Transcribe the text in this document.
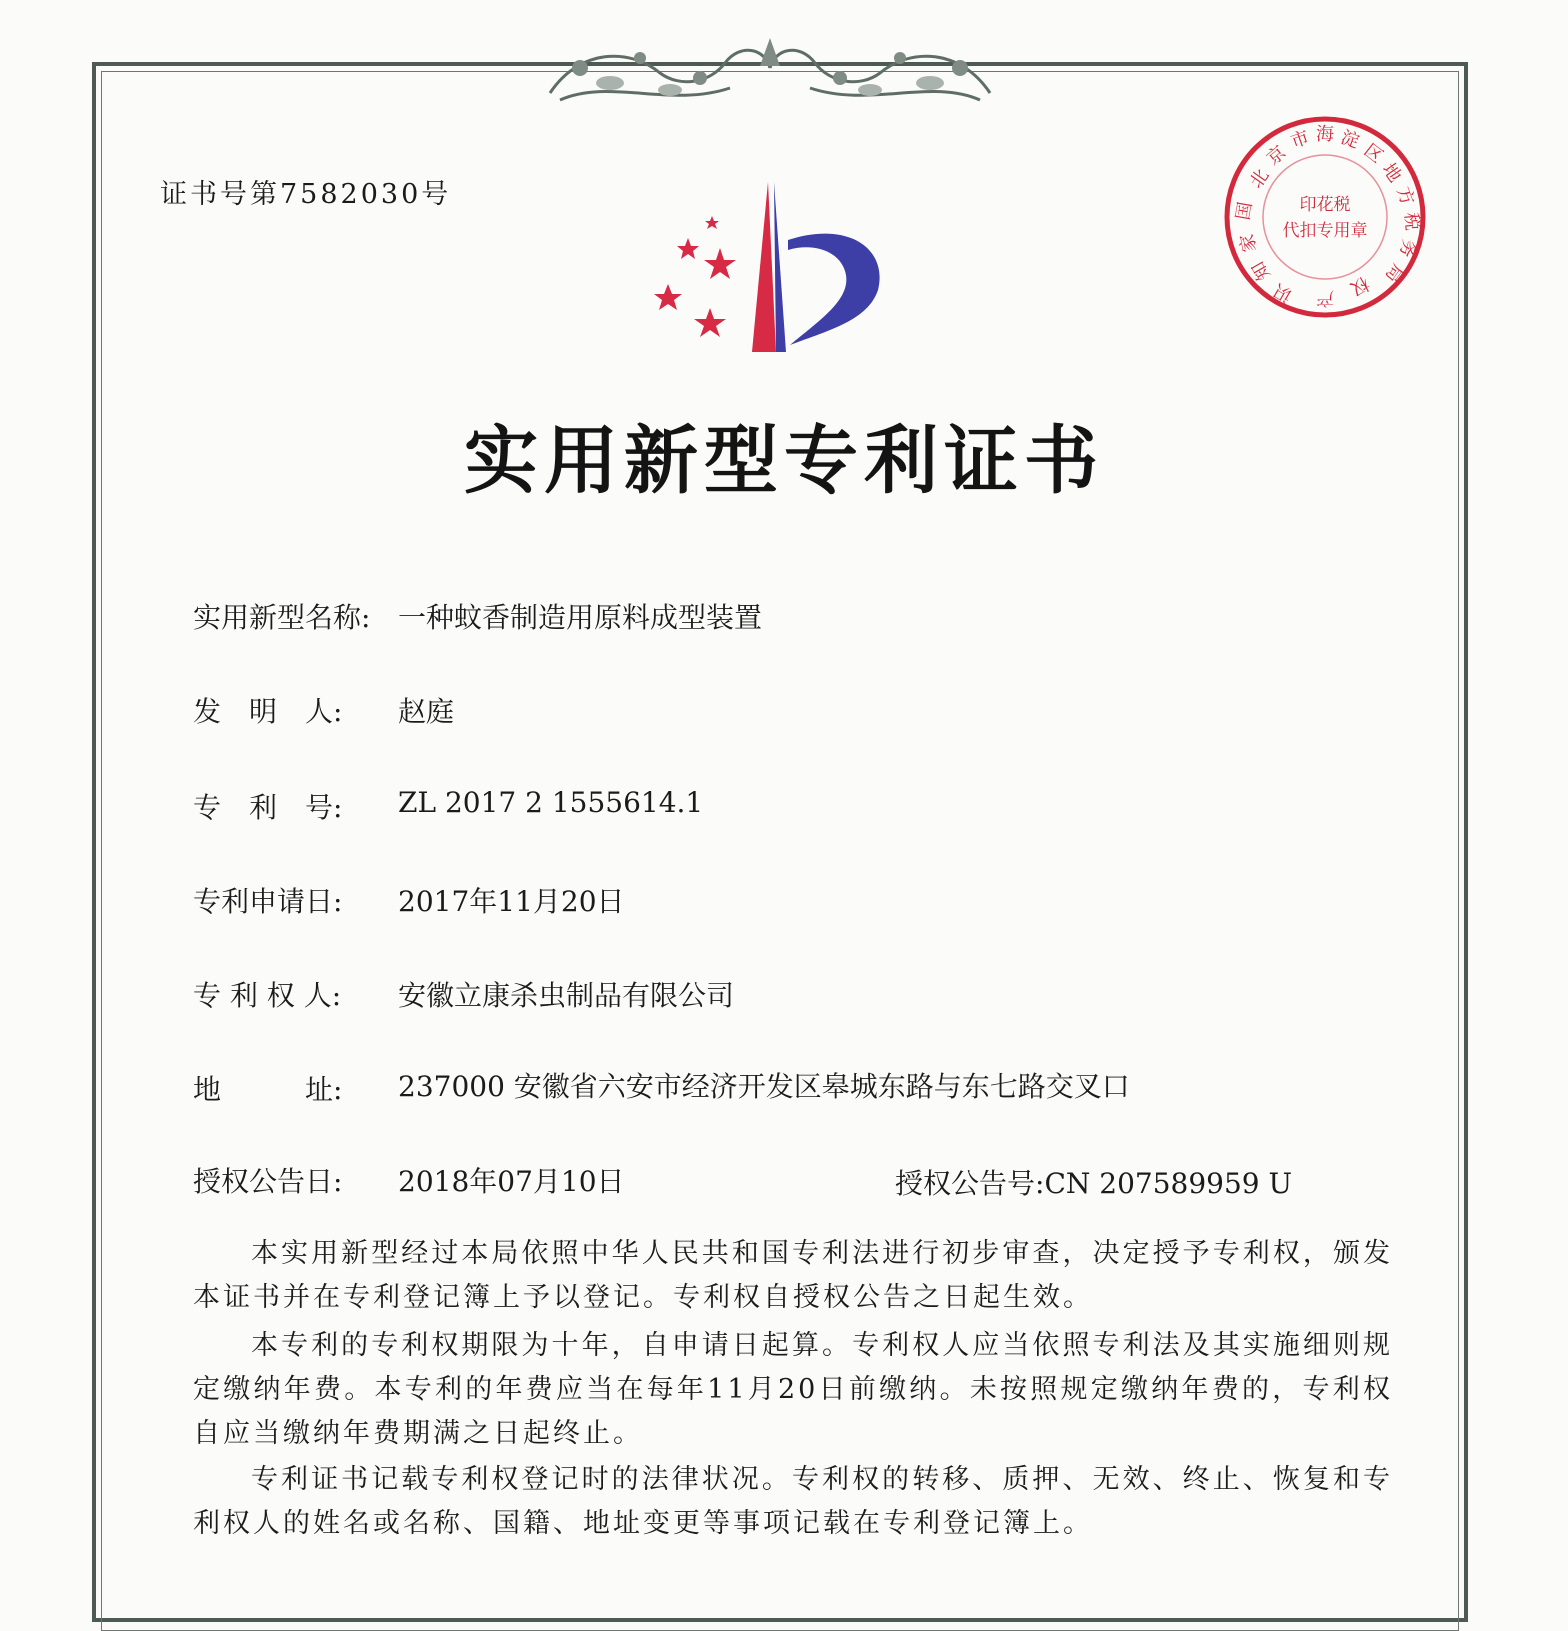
证书号第7582030号	印花税
代扣专用章
北
京
市 海 淀
区
地
方
税
务
局
国
家
知
识 产 权
实用新型专利证书
实用新型名称: 一种蚊香制造用原料成型装置
发　明　人: 赵庭
专　利　号: ZL 2017 2 1555614.1
专利申请日: 2017年11月20日
专 利 权 人: 安徽立康杀虫制品有限公司
地　　　址:	237000 安徽省六安市经济开发区皋城东路与东七路交叉口
授权公告日: 2018年07月10日	授权公告号:CN 207589959 U
本实用新型经过本局依照中华人民共和国专利法进行初步审查，决定授予专利权，颁发本证书并在专利登记簿上予以登记。专利权自授权公告之日起生效。
本专利的专利权期限为十年，自申请日起算。专利权人应当依照专利法及其实施细则规定缴纳年费。本专利的年费应当在每年11月20日前缴纳。未按照规定缴纳年费的，专利权自应当缴纳年费期满之日起终止。
专利证书记载专利权登记时的法律状况。专利权的转移、质押、无效、终止、恢复和专利权人的姓名或名称、国籍、地址变更等事项记载在专利登记簿上。
